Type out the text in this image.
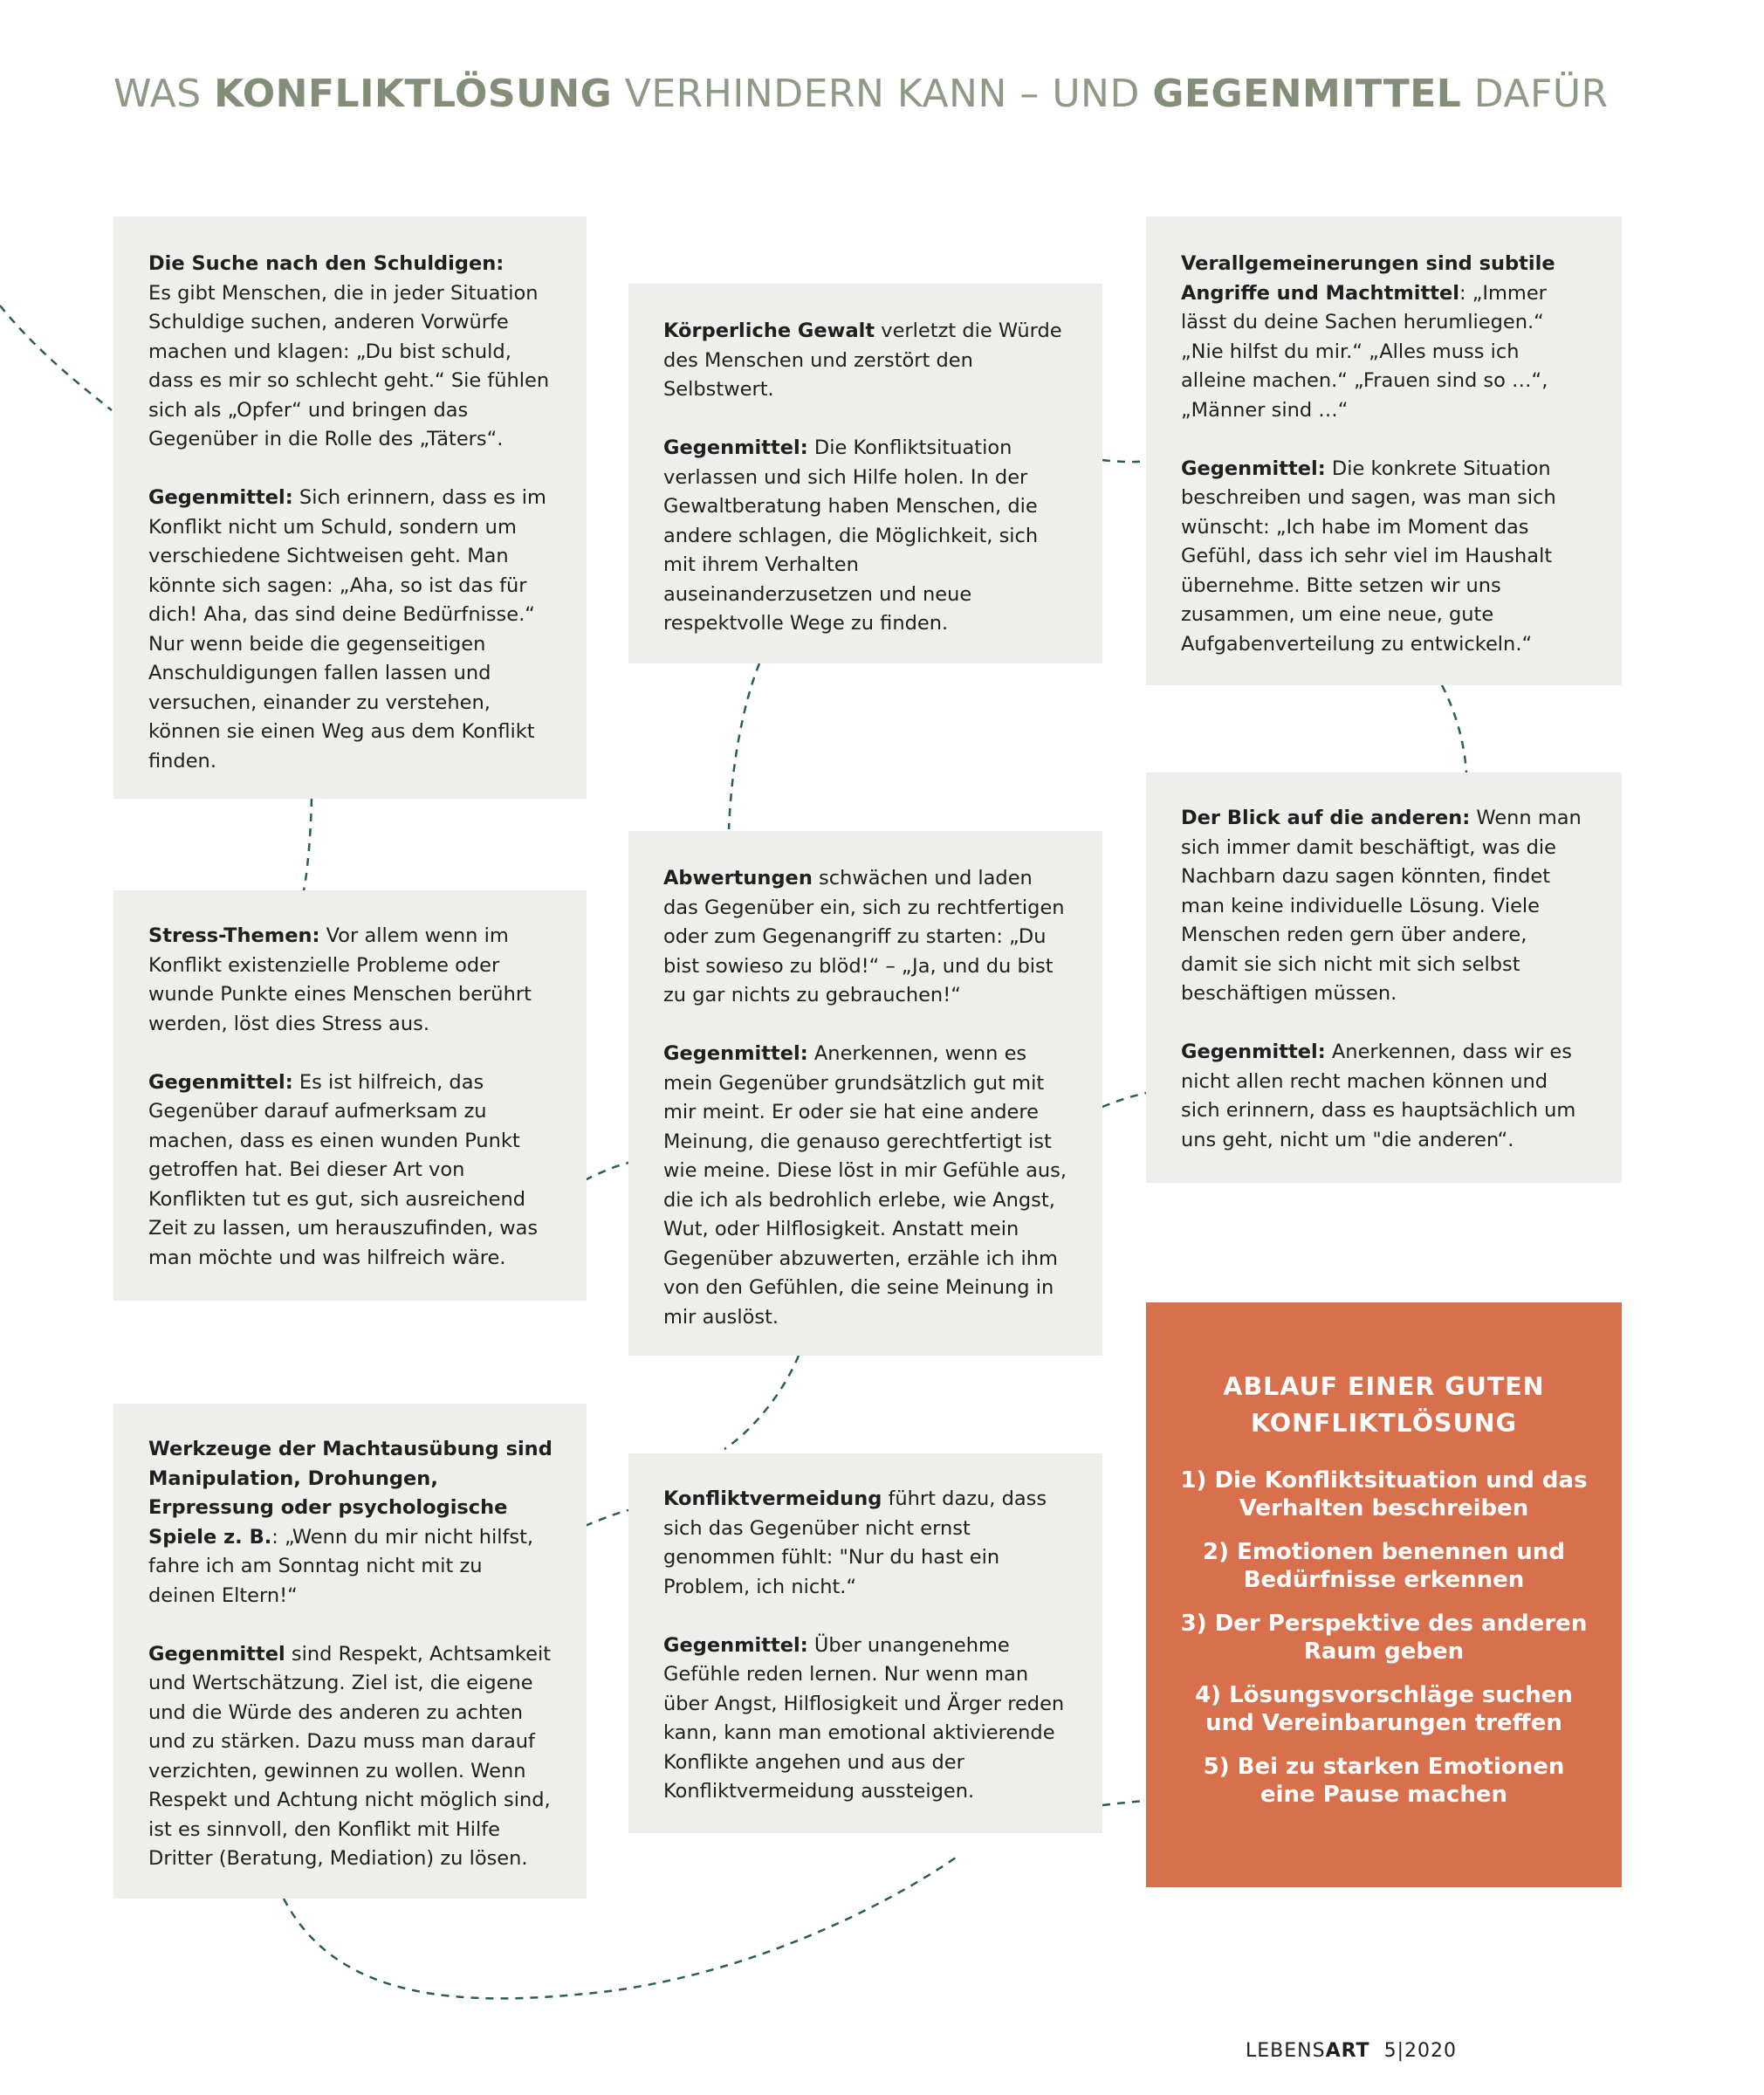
WAS KONFLIKTLÖSUNG VERHINDERN KANN – UND GEGENMITTEL DAFÜR

Die Suche nach den Schuldigen:
Es gibt Menschen, die in jeder Situation Schuldige suchen, anderen Vorwürfe machen und klagen: „Du bist schuld, dass es mir so schlecht geht.“ Sie fühlen sich als „Opfer“ und bringen das Gegenüber in die Rolle des „Täters“.

Gegenmittel: Sich erinnern, dass es im Konflikt nicht um Schuld, sondern um verschiedene Sichtweisen geht. Man könnte sich sagen: „Aha, so ist das für dich! Aha, das sind deine Bedürfnisse.“ Nur wenn beide die gegenseitigen Anschuldigungen fallen lassen und versuchen, einander zu verstehen, können sie einen Weg aus dem Konflikt finden.

Körperliche Gewalt verletzt die Würde des Menschen und zerstört den Selbstwert.

Gegenmittel: Die Konfliktsituation verlassen und sich Hilfe holen. In der Gewaltberatung haben Menschen, die andere schlagen, die Möglichkeit, sich mit ihrem Verhalten auseinanderzusetzen und neue respektvolle Wege zu finden.

Verallgemeinerungen sind subtile Angriffe und Machtmittel: „Immer lässt du deine Sachen herumliegen.“ „Nie hilfst du mir.“ „Alles muss ich alleine machen.“ „Frauen sind so …“, „Männer sind …“

Gegenmittel: Die konkrete Situation beschreiben und sagen, was man sich wünscht: „Ich habe im Moment das Gefühl, dass ich sehr viel im Haushalt übernehme. Bitte setzen wir uns zusammen, um eine neue, gute Aufgabenverteilung zu entwickeln.“

Stress-Themen: Vor allem wenn im Konflikt existenzielle Probleme oder wunde Punkte eines Menschen berührt werden, löst dies Stress aus.

Gegenmittel: Es ist hilfreich, das Gegenüber darauf aufmerksam zu machen, dass es einen wunden Punkt getroffen hat. Bei dieser Art von Konflikten tut es gut, sich ausreichend Zeit zu lassen, um herauszufinden, was man möchte und was hilfreich wäre.

Abwertungen schwächen und laden das Gegenüber ein, sich zu rechtfertigen oder zum Gegenangriff zu starten: „Du bist sowieso zu blöd!“ – „Ja, und du bist zu gar nichts zu gebrauchen!“

Gegenmittel: Anerkennen, wenn es mein Gegenüber grundsätzlich gut mit mir meint. Er oder sie hat eine andere Meinung, die genauso gerechtfertigt ist wie meine. Diese löst in mir Gefühle aus, die ich als bedrohlich erlebe, wie Angst, Wut, oder Hilflosigkeit. Anstatt mein Gegenüber abzuwerten, erzähle ich ihm von den Gefühlen, die seine Meinung in mir auslöst.

Der Blick auf die anderen: Wenn man sich immer damit beschäftigt, was die Nachbarn dazu sagen könnten, findet man keine individuelle Lösung. Viele Menschen reden gern über andere, damit sie sich nicht mit sich selbst beschäftigen müssen.

Gegenmittel: Anerkennen, dass wir es nicht allen recht machen können und sich erinnern, dass es hauptsächlich um uns geht, nicht um "die anderen“.

Werkzeuge der Machtausübung sind Manipulation, Drohungen, Erpressung oder psychologische Spiele z. B.: „Wenn du mir nicht hilfst, fahre ich am Sonntag nicht mit zu deinen Eltern!“

Gegenmittel sind Respekt, Achtsamkeit und Wertschätzung. Ziel ist, die eigene und die Würde des anderen zu achten und zu stärken. Dazu muss man darauf verzichten, gewinnen zu wollen. Wenn Respekt und Achtung nicht möglich sind, ist es sinnvoll, den Konflikt mit Hilfe Dritter (Beratung, Mediation) zu lösen.

Konfliktvermeidung führt dazu, dass sich das Gegenüber nicht ernst genommen fühlt: "Nur du hast ein Problem, ich nicht.“

Gegenmittel: Über unangenehme Gefühle reden lernen. Nur wenn man über Angst, Hilflosigkeit und Ärger reden kann, kann man emotional aktivierende Konflikte angehen und aus der Konfliktvermeidung aussteigen.

ABLAUF EINER GUTEN
KONFLIKTLÖSUNG
1) Die Konfliktsituation und das Verhalten beschreiben
2) Emotionen benennen und Bedürfnisse erkennen
3) Der Perspektive des anderen Raum geben
4) Lösungsvorschläge suchen und Vereinbarungen treffen
5) Bei zu starken Emotionen eine Pause machen
LEBENSART 5|2020
